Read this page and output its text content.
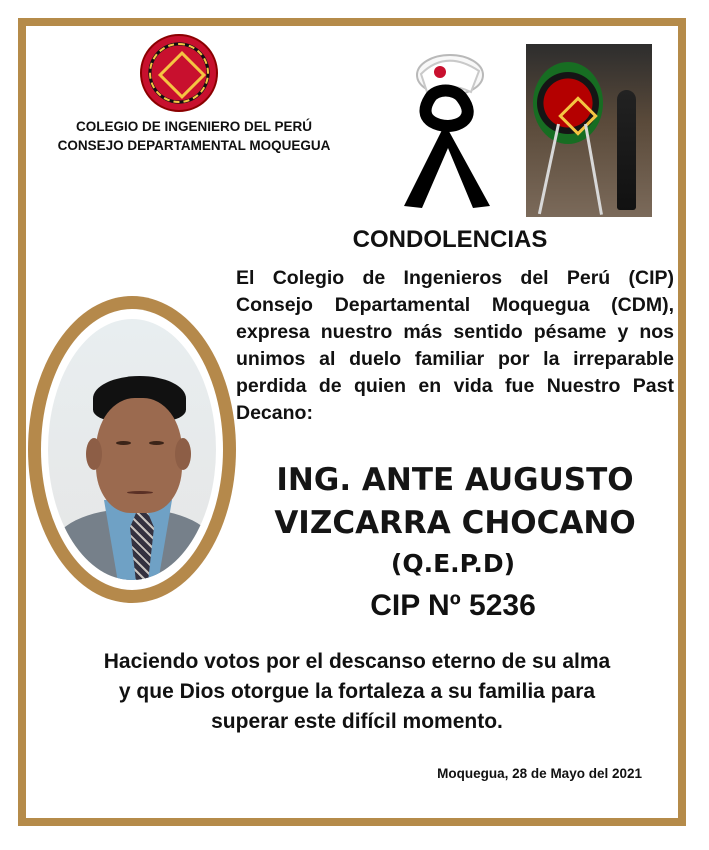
COLEGIO DE INGENIERO DEL PERÚ
CONSEJO DEPARTAMENTAL MOQUEGUA
CONDOLENCIAS

El Colegio de Ingenieros del Perú (CIP) Consejo Departamental Moquegua (CDM), expresa nuestro más sentido pésame y nos unimos al duelo familiar por la irreparable perdida de quien en vida fue Nuestro Past Decano:

ING. ANTE AUGUSTO
VIZCARRA CHOCANO
(Q.E.P.D)
CIP Nº 5236
Haciendo votos por el descanso eterno de su alma
y que Dios otorgue la fortaleza a su familia para
superar este difícil momento.
Moquegua, 28 de Mayo del 2021
